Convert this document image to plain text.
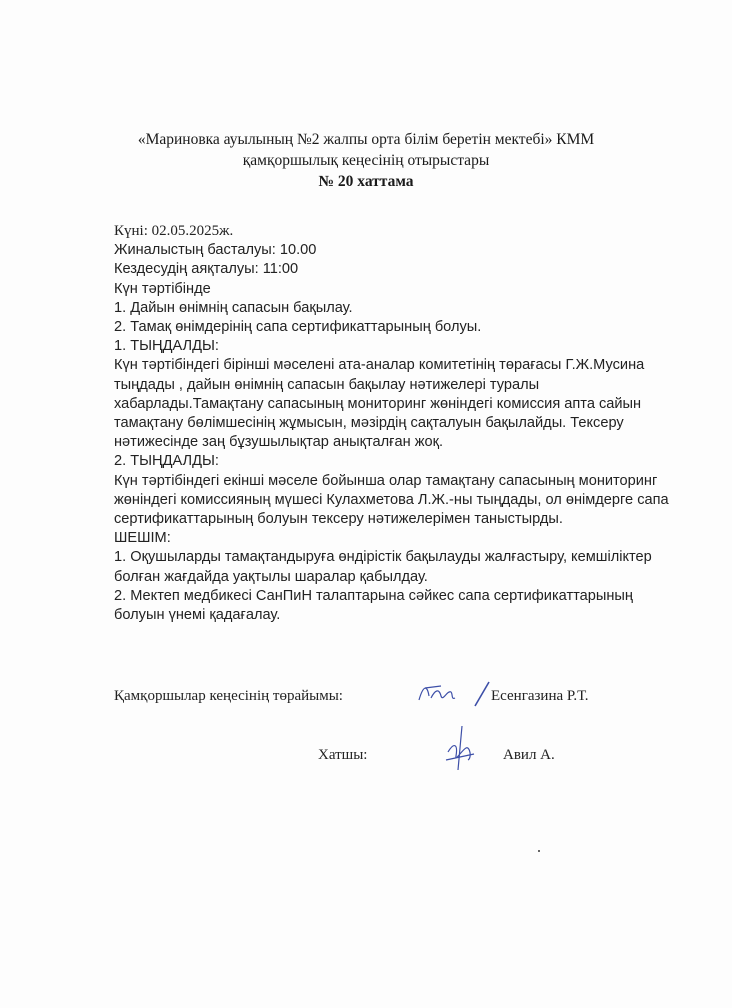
«Мариновка ауылының №2 жалпы орта білім беретін мектебі» КММ
қамқоршылық кеңесінің отырыстары
№ 20 хаттама
Күні: 02.05.2025ж.
Жиналыстың басталуы: 10.00
Кездесудің аяқталуы: 11:00
Күн тәртібінде
1. Дайын өнімнің сапасын бақылау.
2. Тамақ өнімдерінің сапа сертификаттарының болуы.
1. ТЫҢДАЛДЫ:
Күн тәртібіндегі бірінші мәселені ата-аналар комитетінің төрағасы Г.Ж.Мусина тыңдады , дайын өнімнің сапасын бақылау нәтижелері туралы хабарлады.Тамақтану сапасының мониторинг жөніндегі комиссия апта сайын тамақтану бөлімшесінің жұмысын, мәзірдің сақталуын бақылайды. Тексеру нәтижесінде заң бұзушылықтар анықталған жоқ.
2. ТЫҢДАЛДЫ:
Күн тәртібіндегі екінші мәселе бойынша олар тамақтану сапасының мониторинг жөніндегі комиссияның мүшесі Кулахметова Л.Ж.-ны тыңдады, ол өнімдерге сапа сертификаттарының болуын тексеру нәтижелерімен таныстырды.
ШЕШІМ:
1. Оқушыларды тамақтандыруға өндірістік бақылауды жалғастыру, кемшіліктер болған жағдайда уақтылы шаралар қабылдау.
2. Мектеп медбикесі СанПиН талаптарына сәйкес сапа сертификаттарының болуын үнемі қадағалау.
Қамқоршылар кеңесінің төрайымы:	Есенгазина Р.Т.
Хатшы:	Авил А.
